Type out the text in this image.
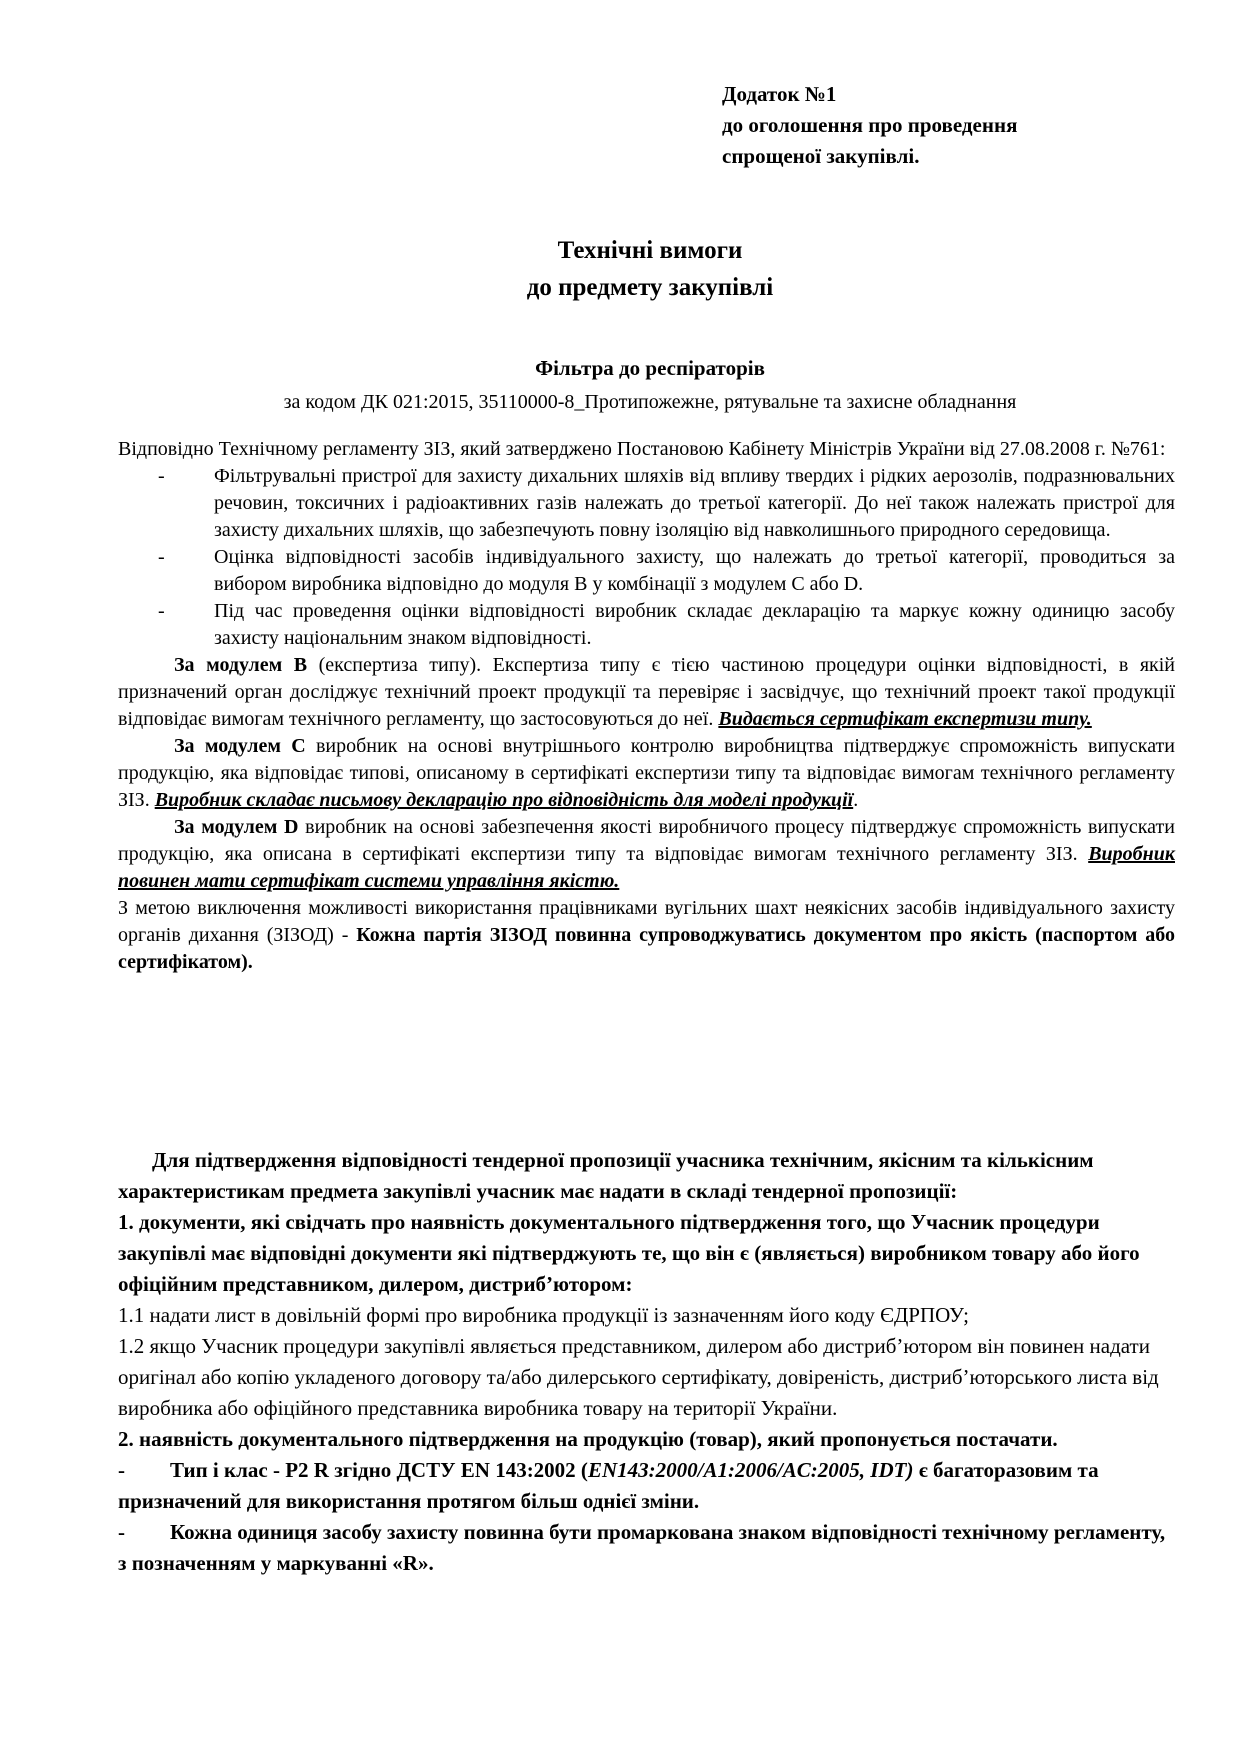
Додаток №1
до оголошення про проведення
спрощеної закупівлі.
Технічні вимоги
до предмету закупівлі
Фільтра до респіраторів
за кодом ДК 021:2015, 35110000-8_Протипожежне, рятувальне та захисне обладнання

Відповідно Технічному регламенту ЗІЗ, який затверджено Постановою Кабінету Міністрів України від 27.08.2008 г. №761:

- Фільтрувальні пристрої для захисту дихальних шляхів від впливу твердих і рідких аерозолів, подразнювальних речовин, токсичних і радіоактивних газів належать до третьої категорії. До неї також належать пристрої для захисту дихальних шляхів, що забезпечують повну ізоляцію від навколишнього природного середовища.
- Оцінка відповідності засобів індивідуального захисту, що належать до третьої категорії, проводиться за вибором виробника відповідно до модуля B у комбінації з модулем C або D.
- Під час проведення оцінки відповідності виробник складає декларацію та маркує кожну одиницю засобу захисту національним знаком відповідності.

За модулем B (експертиза типу). Експертиза типу є тією частиною процедури оцінки відповідності, в якій призначений орган досліджує технічний проект продукції та перевіряє і засвідчує, що технічний проект такої продукції відповідає вимогам технічного регламенту, що застосовуються до неї. Видається сертифікат експертизи типу.

За модулем C виробник на основі внутрішнього контролю виробництва підтверджує спроможність випускати продукцію, яка відповідає типові, описаному в сертифікаті експертизи типу та відповідає вимогам технічного регламенту ЗІЗ. Виробник складає письмову декларацію про відповідність для моделі продукції.

За модулем D виробник на основі забезпечення якості виробничого процесу підтверджує спроможність випускати продукцію, яка описана в сертифікаті експертизи типу та відповідає вимогам технічного регламенту ЗІЗ. Виробник повинен мати сертифікат системи управління якістю.

З метою виключення можливості використання працівниками вугільних шахт неякісних засобів індивідуального захисту органів дихання (ЗІЗОД) - Кожна партія ЗІЗОД повинна супроводжуватись документом про якість (паспортом або сертифікатом).

Для підтвердження відповідності тендерної пропозиції учасника технічним, якісним та кількісним характеристикам предмета закупівлі учасник має надати в складі тендерної пропозиції:

1. документи, які свідчать про наявність документального підтвердження того, що Учасник процедури закупівлі має відповідні документи які підтверджують те, що він є (являється) виробником товару або його офіційним представником, дилером, дистриб’ютором:

1.1 надати лист в довільній формі про виробника продукції із зазначенням його коду ЄДРПОУ;

1.2 якщо Учасник процедури закупівлі являється представником, дилером або дистриб’ютором він повинен надати оригінал або копію укладеного договору та/або дилерського сертифікату, довіреність, дистриб’юторського листа від виробника або офіційного представника виробника товару на території України.

2. наявність документального підтвердження на продукцію (товар), який пропонується постачати.

- Тип і клас - P2 R згідно ДСТУ EN 143:2002 (EN143:2000/A1:2006/AC:2005, IDT) є багаторазовим та призначений для використання протягом більш однієї зміни.

- Кожна одиниця засобу захисту повинна бути промаркована знаком відповідності технічному регламенту, з позначенням у маркуванні «R».
